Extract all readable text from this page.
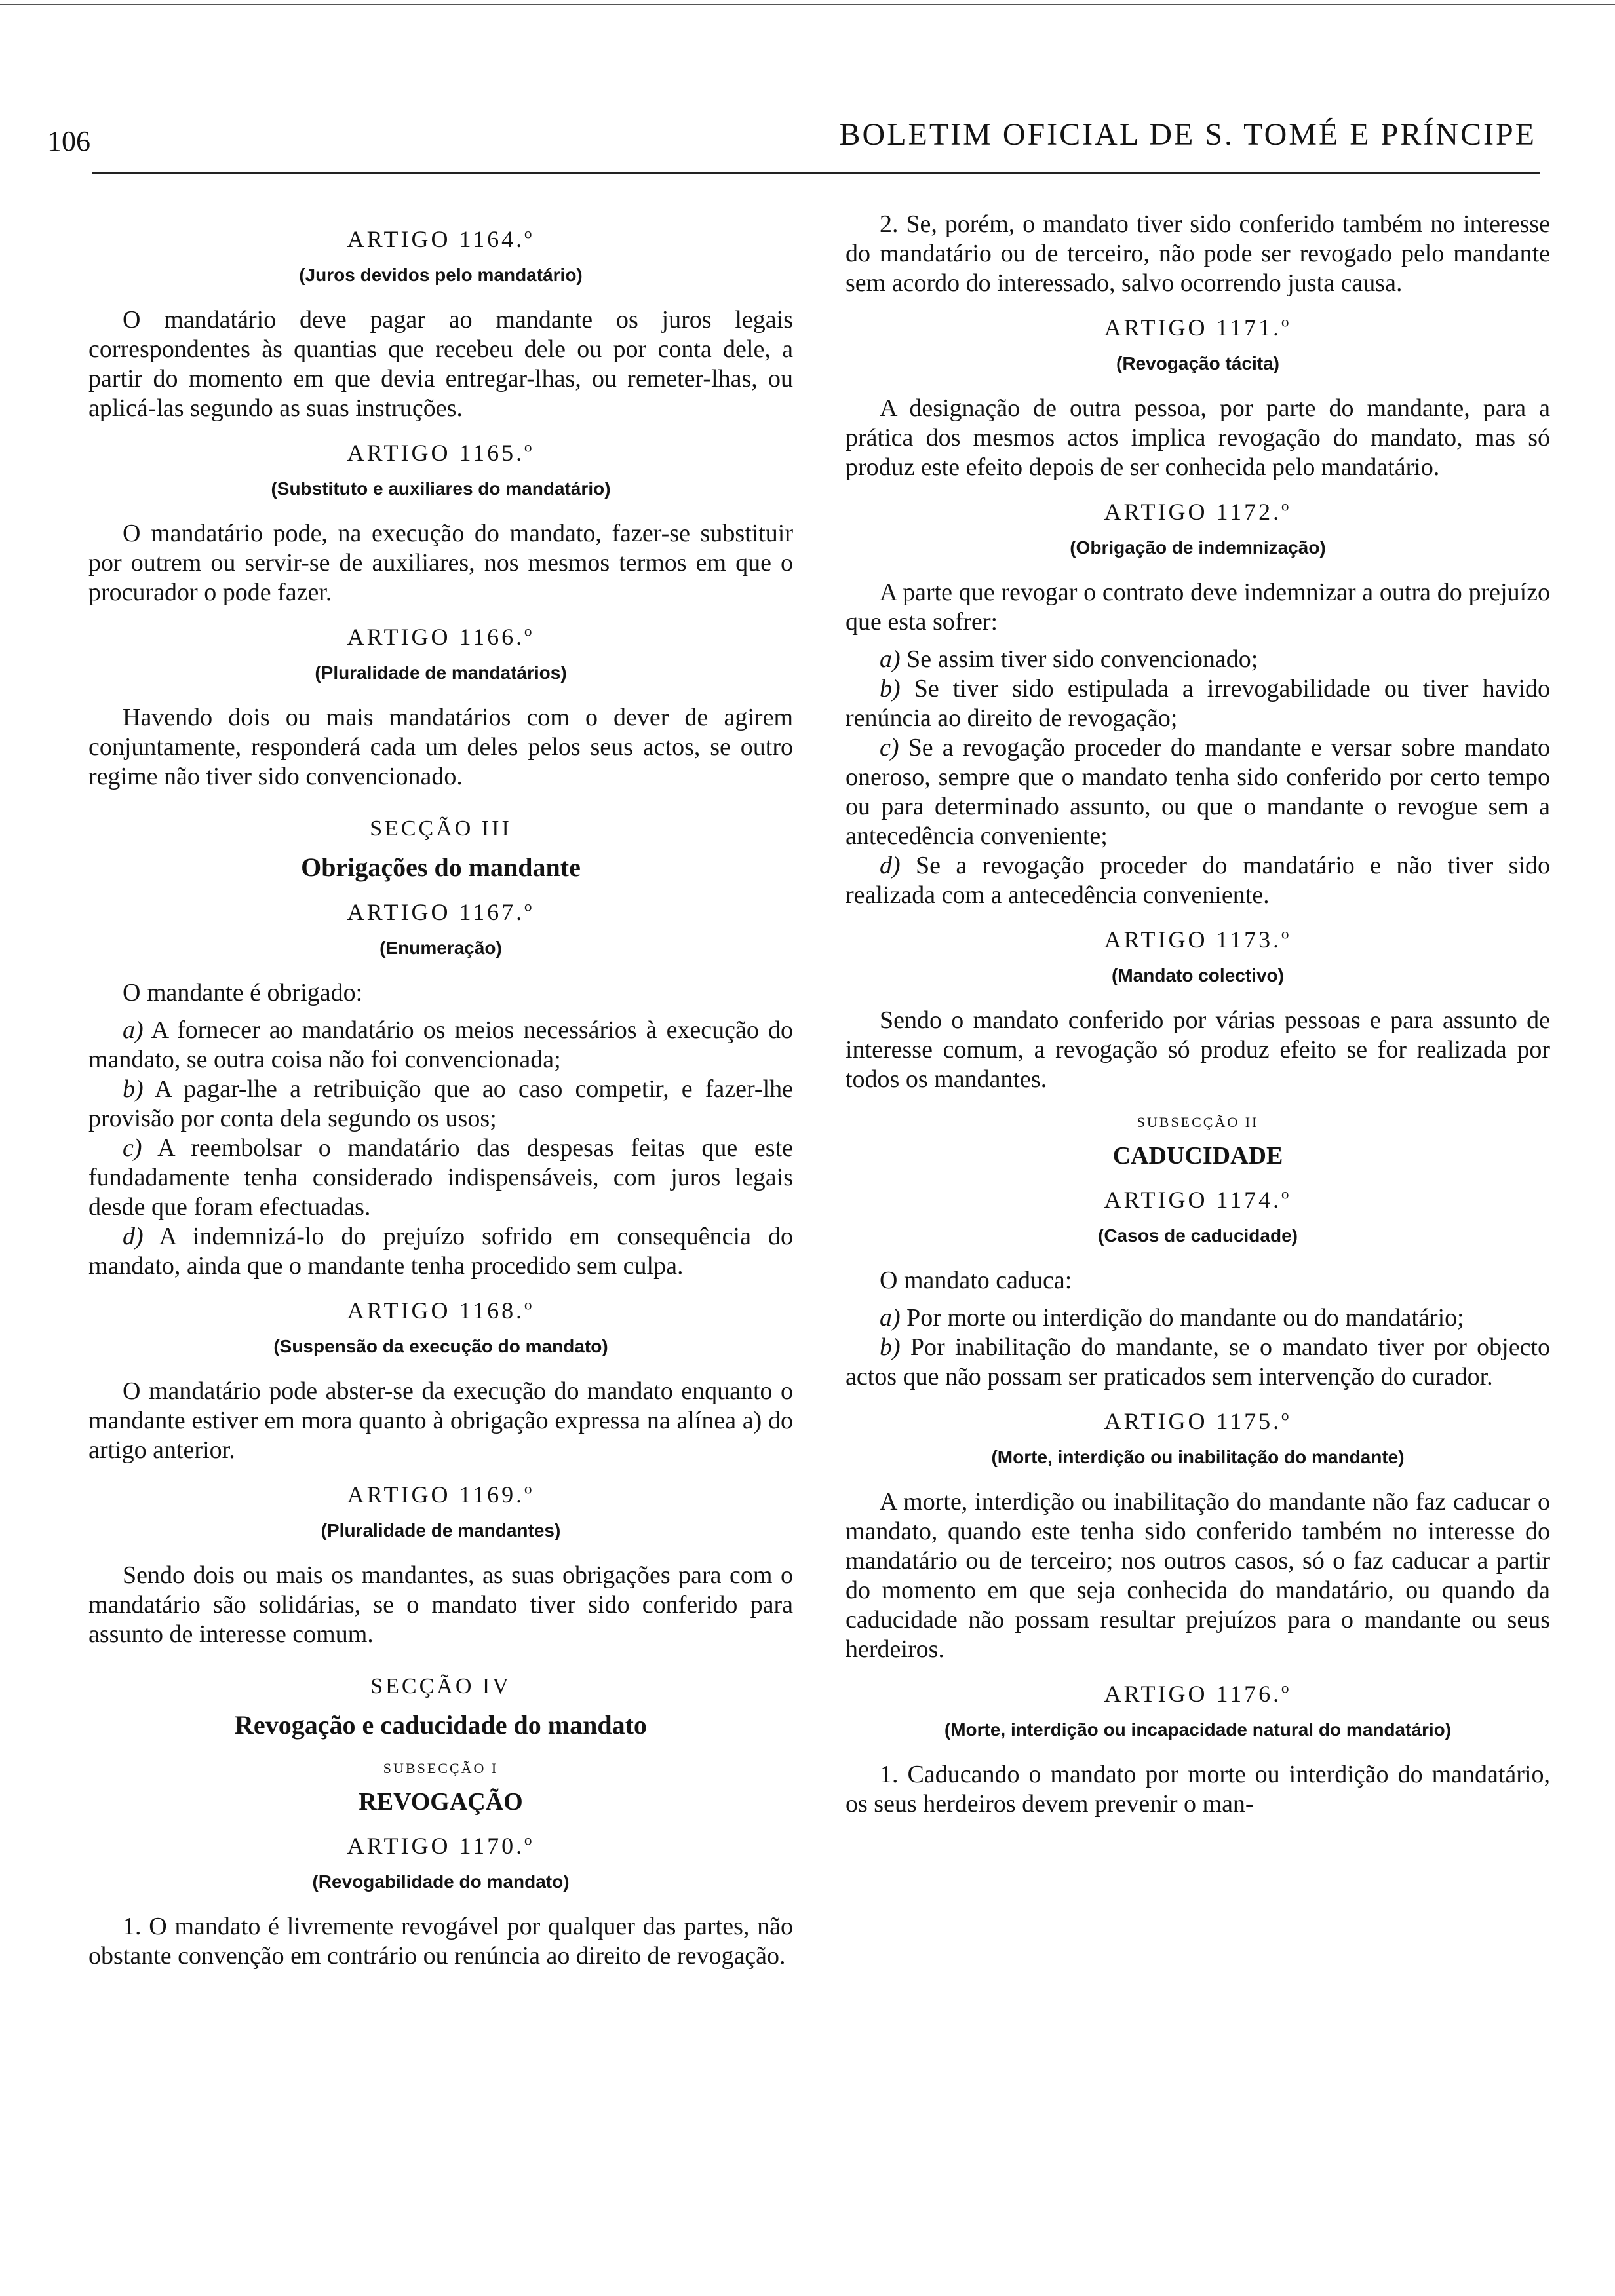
106	BOLETIM OFICIAL DE S. TOMÉ E PRÍNCIPE
ARTIGO 1164.º
(Juros devidos pelo mandatário)

O mandatário deve pagar ao mandante os juros legais correspondentes às quantias que recebeu dele ou por conta dele, a partir do momento em que devia entregar-lhas, ou remeter-lhas, ou aplicá-las segundo as suas instruções.

ARTIGO 1165.º
(Substituto e auxiliares do mandatário)

O mandatário pode, na execução do mandato, fazer-se substituir por outrem ou servir-se de auxiliares, nos mesmos termos em que o procurador o pode fazer.

ARTIGO 1166.º
(Pluralidade de mandatários)

Havendo dois ou mais mandatários com o dever de agirem conjuntamente, responderá cada um deles pelos seus actos, se outro regime não tiver sido convencionado.

SECÇÃO III
Obrigações do mandante
ARTIGO 1167.º
(Enumeração)

O mandante é obrigado:

a) A fornecer ao mandatário os meios necessários à execução do mandato, se outra coisa não foi convencionada;

b) A pagar-lhe a retribuição que ao caso competir, e fazer-lhe provisão por conta dela segundo os usos;

c) A reembolsar o mandatário das despesas feitas que este fundadamente tenha considerado indispensáveis, com juros legais desde que foram efectuadas.

d) A indemnizá-lo do prejuízo sofrido em consequência do mandato, ainda que o mandante tenha procedido sem culpa.

ARTIGO 1168.º
(Suspensão da execução do mandato)

O mandatário pode abster-se da execução do mandato enquanto o mandante estiver em mora quanto à obrigação expressa na alínea a) do artigo anterior.

ARTIGO 1169.º
(Pluralidade de mandantes)

Sendo dois ou mais os mandantes, as suas obrigações para com o mandatário são solidárias, se o mandato tiver sido conferido para assunto de interesse comum.

SECÇÃO IV
Revogação e caducidade do mandato
SUBSECÇÃO I
REVOGAÇÃO
ARTIGO 1170.º
(Revogabilidade do mandato)

1. O mandato é livremente revogável por qualquer das partes, não obstante convenção em contrário ou renúncia ao direito de revogação.

2. Se, porém, o mandato tiver sido conferido também no interesse do mandatário ou de terceiro, não pode ser revogado pelo mandante sem acordo do interessado, salvo ocorrendo justa causa.

ARTIGO 1171.º
(Revogação tácita)

A designação de outra pessoa, por parte do mandante, para a prática dos mesmos actos implica revogação do mandato, mas só produz este efeito depois de ser conhecida pelo mandatário.

ARTIGO 1172.º
(Obrigação de indemnização)

A parte que revogar o contrato deve indemnizar a outra do prejuízo que esta sofrer:

a) Se assim tiver sido convencionado;

b) Se tiver sido estipulada a irrevogabilidade ou tiver havido renúncia ao direito de revogação;

c) Se a revogação proceder do mandante e versar sobre mandato oneroso, sempre que o mandato tenha sido conferido por certo tempo ou para determinado assunto, ou que o mandante o revogue sem a antecedência conveniente;

d) Se a revogação proceder do mandatário e não tiver sido realizada com a antecedência conveniente.

ARTIGO 1173.º
(Mandato colectivo)

Sendo o mandato conferido por várias pessoas e para assunto de interesse comum, a revogação só produz efeito se for realizada por todos os mandantes.

SUBSECÇÃO II
CADUCIDADE
ARTIGO 1174.º
(Casos de caducidade)

O mandato caduca:

a) Por morte ou interdição do mandante ou do mandatário;

b) Por inabilitação do mandante, se o mandato tiver por objecto actos que não possam ser praticados sem intervenção do curador.

ARTIGO 1175.º
(Morte, interdição ou inabilitação do mandante)

A morte, interdição ou inabilitação do mandante não faz caducar o mandato, quando este tenha sido conferido também no interesse do mandatário ou de terceiro; nos outros casos, só o faz caducar a partir do momento em que seja conhecida do mandatário, ou quando da caducidade não possam resultar prejuízos para o mandante ou seus herdeiros.

ARTIGO 1176.º
(Morte, interdição ou incapacidade natural do mandatário)

1. Caducando o mandato por morte ou interdição do mandatário, os seus herdeiros devem prevenir o man-
